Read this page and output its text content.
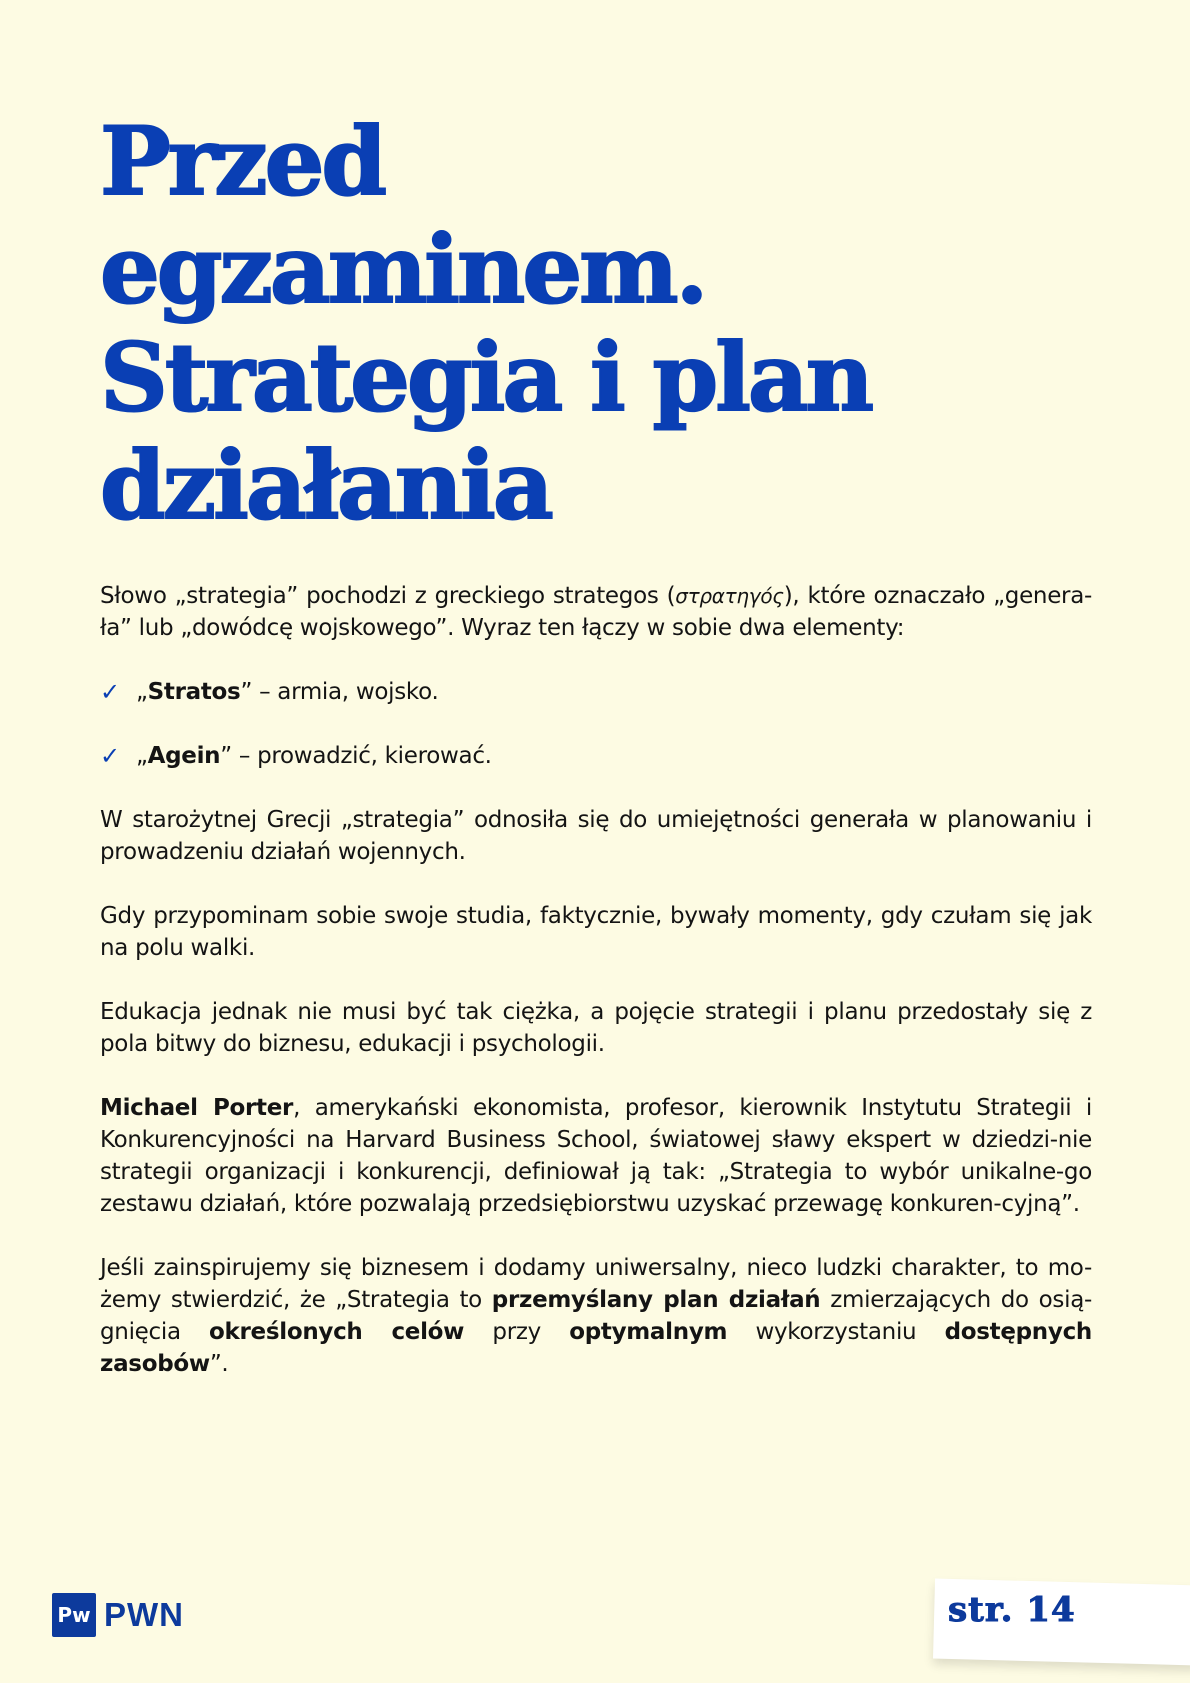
Przed
egzaminem.
Strategia i plan
działania

Słowo „strategia” pochodzi z greckiego strategos (στρατηγός), które oznaczało „genera-ła” lub „dowódcę wojskowego”. Wyraz ten łączy w sobie dwa elementy:

✓ „Stratos” – armia, wojsko.
✓ „Agein” – prowadzić, kierować.

W starożytnej Grecji „strategia” odnosiła się do umiejętności generała w planowaniu i prowadzeniu działań wojennych.

Gdy przypominam sobie swoje studia, faktycznie, bywały momenty, gdy czułam się jak na polu walki.

Edukacja jednak nie musi być tak ciężka, a pojęcie strategii i planu przedostały się z pola bitwy do biznesu, edukacji i psychologii.

Michael Porter, amerykański ekonomista, profesor, kierownik Instytutu Strategii i Konkurencyjności na Harvard Business School, światowej sławy ekspert w dziedzi-nie strategii organizacji i konkurencji, definiował ją tak: „Strategia to wybór unikalne-go zestawu działań, które pozwalają przedsiębiorstwu uzyskać przewagę konkuren-cyjną”.

Jeśli zainspirujemy się biznesem i dodamy uniwersalny, nieco ludzki charakter, to mo-żemy stwierdzić, że „Strategia to przemyślany plan działań zmierzających do osią-gnięcia określonych celów przy optymalnym wykorzystaniu dostępnych zasobów”.

Pw PWN	str. 14
